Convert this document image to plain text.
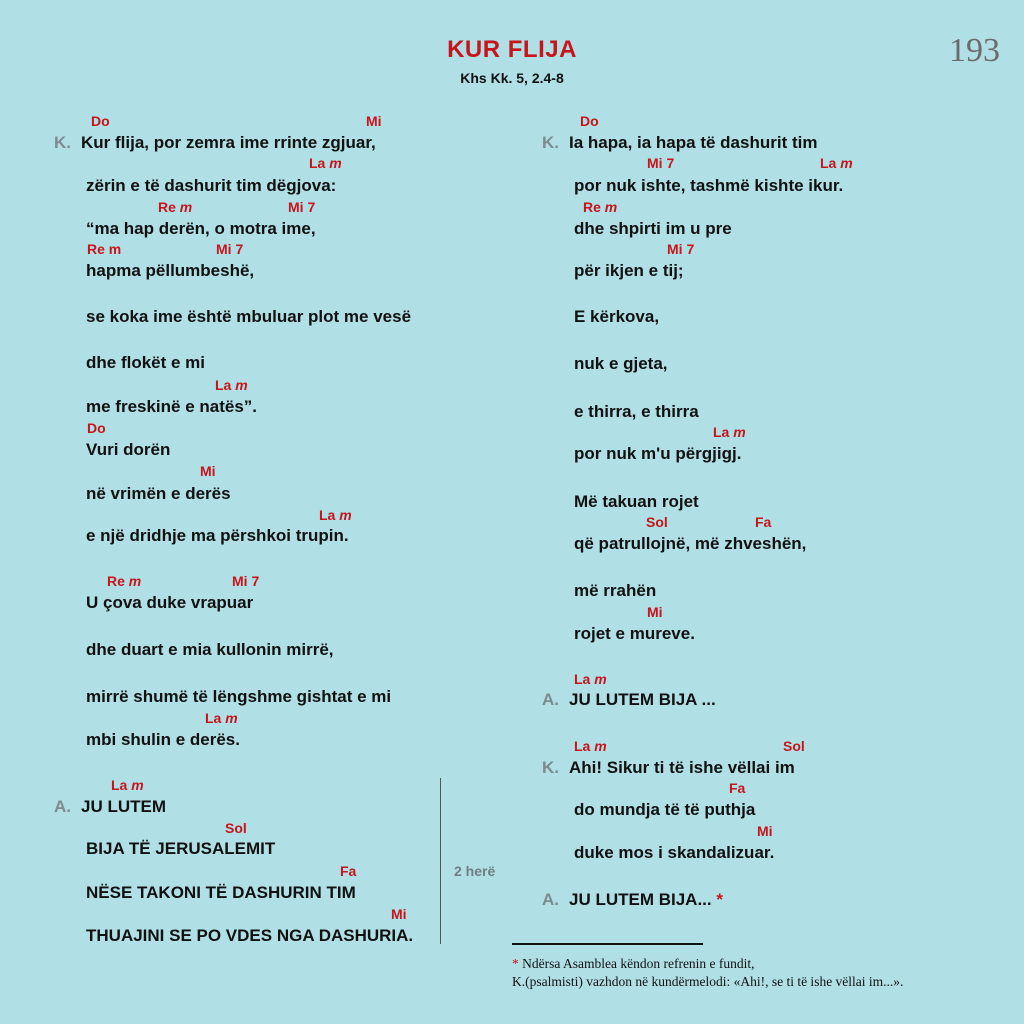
KUR FLIJA
Khs Kk. 5, 2.4-8
193
Do	Mi
K. Kur flija, por zemra ime rrinte zgjuar,
La m
zërin e të dashurit tim dëgjova:
Re m	Mi 7
“ma hap derën, o motra ime,
Re m	Mi 7
hapma pëllumbeshë,
se koka ime është mbuluar plot me vesë
dhe flokët e mi
La m
me freskinë e natës”.
Do
Vuri dorën
Mi
në vrimën e derës
La m
e një dridhje ma përshkoi trupin.
Re m	Mi 7
U çova duke vrapuar
dhe duart e mia kullonin mirrë,
mirrë shumë të lëngshme gishtat e mi
La m
mbi shulin e derës.
La m
A. JU LUTEM
Sol
BIJA TË JERUSALEMIT
Fa
NËSE TAKONI TË DASHURIN TIM
Mi
THUAJINI SE PO VDES NGA DASHURIA.
2 herë
Do
K. Ia hapa, ia hapa të dashurit tim
Mi 7	La m
por nuk ishte, tashmë kishte ikur.
Re m
dhe shpirti im u pre
Mi 7
për ikjen e tij;
E kërkova,
nuk e gjeta,
e thirra, e thirra
La m
por nuk m'u përgjigj.
Më takuan rojet
Sol	Fa
që patrullojnë, më zhveshën,
më rrahën
Mi
rojet e mureve.
La m
A. JU LUTEM BIJA ...
La m	Sol
K. Ahi! Sikur ti të ishe vëllai im
Fa
do mundja të të puthja
Mi
duke mos i skandalizuar.
A. JU LUTEM BIJA... *
* Ndërsa Asamblea këndon refrenin e fundit,
K.(psalmisti) vazhdon në kundërmelodi: «Ahi!, se ti të ishe vëllai im...».
